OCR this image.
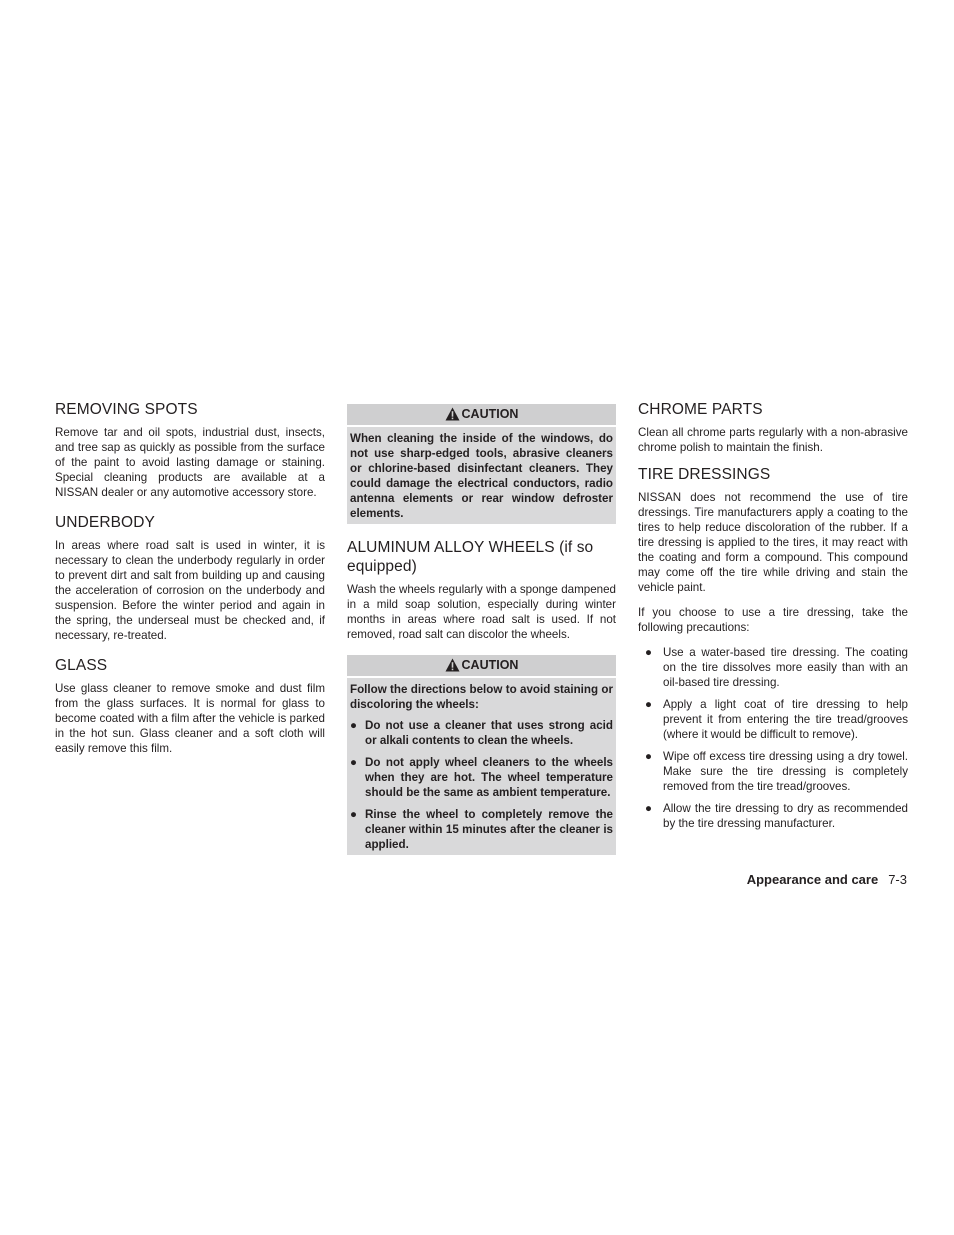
REMOVING SPOTS

Remove tar and oil spots, industrial dust, insects, and tree sap as quickly as possible from the surface of the paint to avoid lasting damage or staining. Special cleaning products are available at a NISSAN dealer or any automotive accessory store.

UNDERBODY

In areas where road salt is used in winter, it is necessary to clean the underbody regularly in order to prevent dirt and salt from building up and causing the acceleration of corrosion on the underbody and suspension. Before the winter period and again in the spring, the underseal must be checked and, if necessary, re-treated.

GLASS

Use glass cleaner to remove smoke and dust film from the glass surfaces. It is normal for glass to become coated with a film after the vehicle is parked in the hot sun. Glass cleaner and a soft cloth will easily remove this film.

CAUTION

When cleaning the inside of the windows, do not use sharp-edged tools, abrasive cleaners or chlorine-based disinfectant cleaners. They could damage the electrical conductors, radio antenna elements or rear window defroster elements.

ALUMINUM ALLOY WHEELS (if so equipped)

Wash the wheels regularly with a sponge dampened in a mild soap solution, especially during winter months in areas where road salt is used. If not removed, road salt can discolor the wheels.

CAUTION

Follow the directions below to avoid staining or discoloring the wheels:

● Do not use a cleaner that uses strong acid or alkali contents to clean the wheels.
● Do not apply wheel cleaners to the wheels when they are hot. The wheel temperature should be the same as ambient temperature.
● Rinse the wheel to completely remove the cleaner within 15 minutes after the cleaner is applied.
CHROME PARTS

Clean all chrome parts regularly with a non-abrasive chrome polish to maintain the finish.

TIRE DRESSINGS

NISSAN does not recommend the use of tire dressings. Tire manufacturers apply a coating to the tires to help reduce discoloration of the rubber. If a tire dressing is applied to the tires, it may react with the coating and form a compound. This compound may come off the tire while driving and stain the vehicle paint.

If you choose to use a tire dressing, take the following precautions:

● Use a water-based tire dressing. The coating on the tire dissolves more easily than with an oil-based tire dressing.
● Apply a light coat of tire dressing to help prevent it from entering the tire tread/grooves (where it would be difficult to remove).
● Wipe off excess tire dressing using a dry towel. Make sure the tire dressing is completely removed from the tire tread/grooves.
● Allow the tire dressing to dry as recommended by the tire dressing manufacturer.
Appearance and care 7-3
